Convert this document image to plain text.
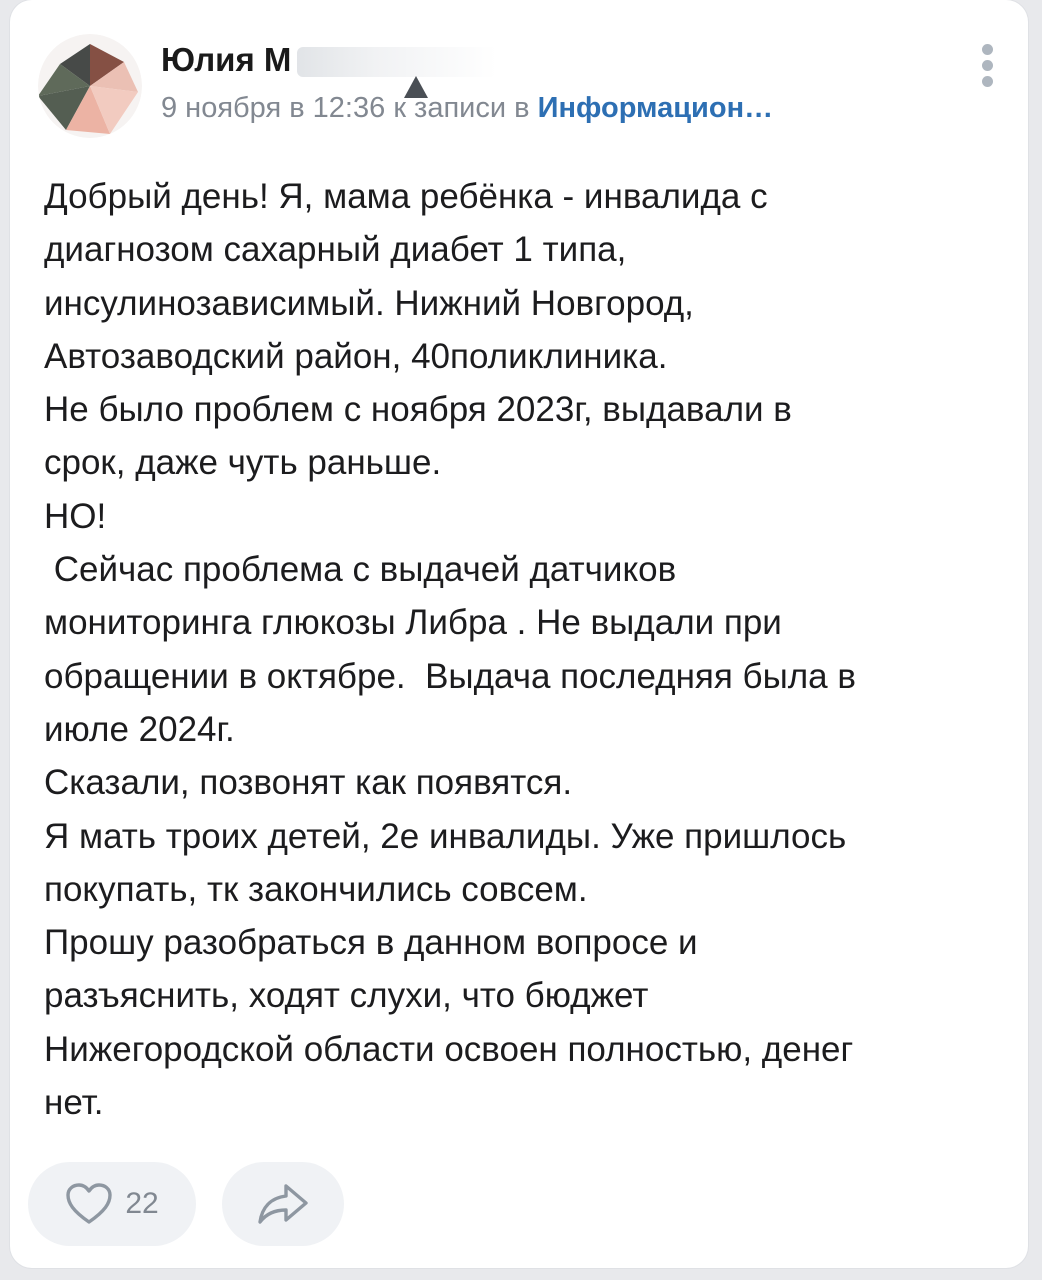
Юлия М
9 ноября в 12:36 к записи в Информацион…
Добрый день! Я, мама ребёнка - инвалида с
диагнозом сахарный диабет 1 типа,
инсулинозависимый. Нижний Новгород,
Автозаводский район, 40поликлиника.
Не было проблем с ноября 2023г, выдавали в
срок, даже чуть раньше.
НО!
Сейчас проблема с выдачей датчиков
мониторинга глюкозы Либра . Не выдали при
обращении в октябре.  Выдача последняя была в
июле 2024г.
Сказали, позвонят как появятся.
Я мать троих детей, 2е инвалиды. Уже пришлось
покупать, тк закончились совсем.
Прошу разобраться в данном вопросе и
разъяснить, ходят слухи, что бюджет
Нижегородской области освоен полностью, денег
нет.
22
